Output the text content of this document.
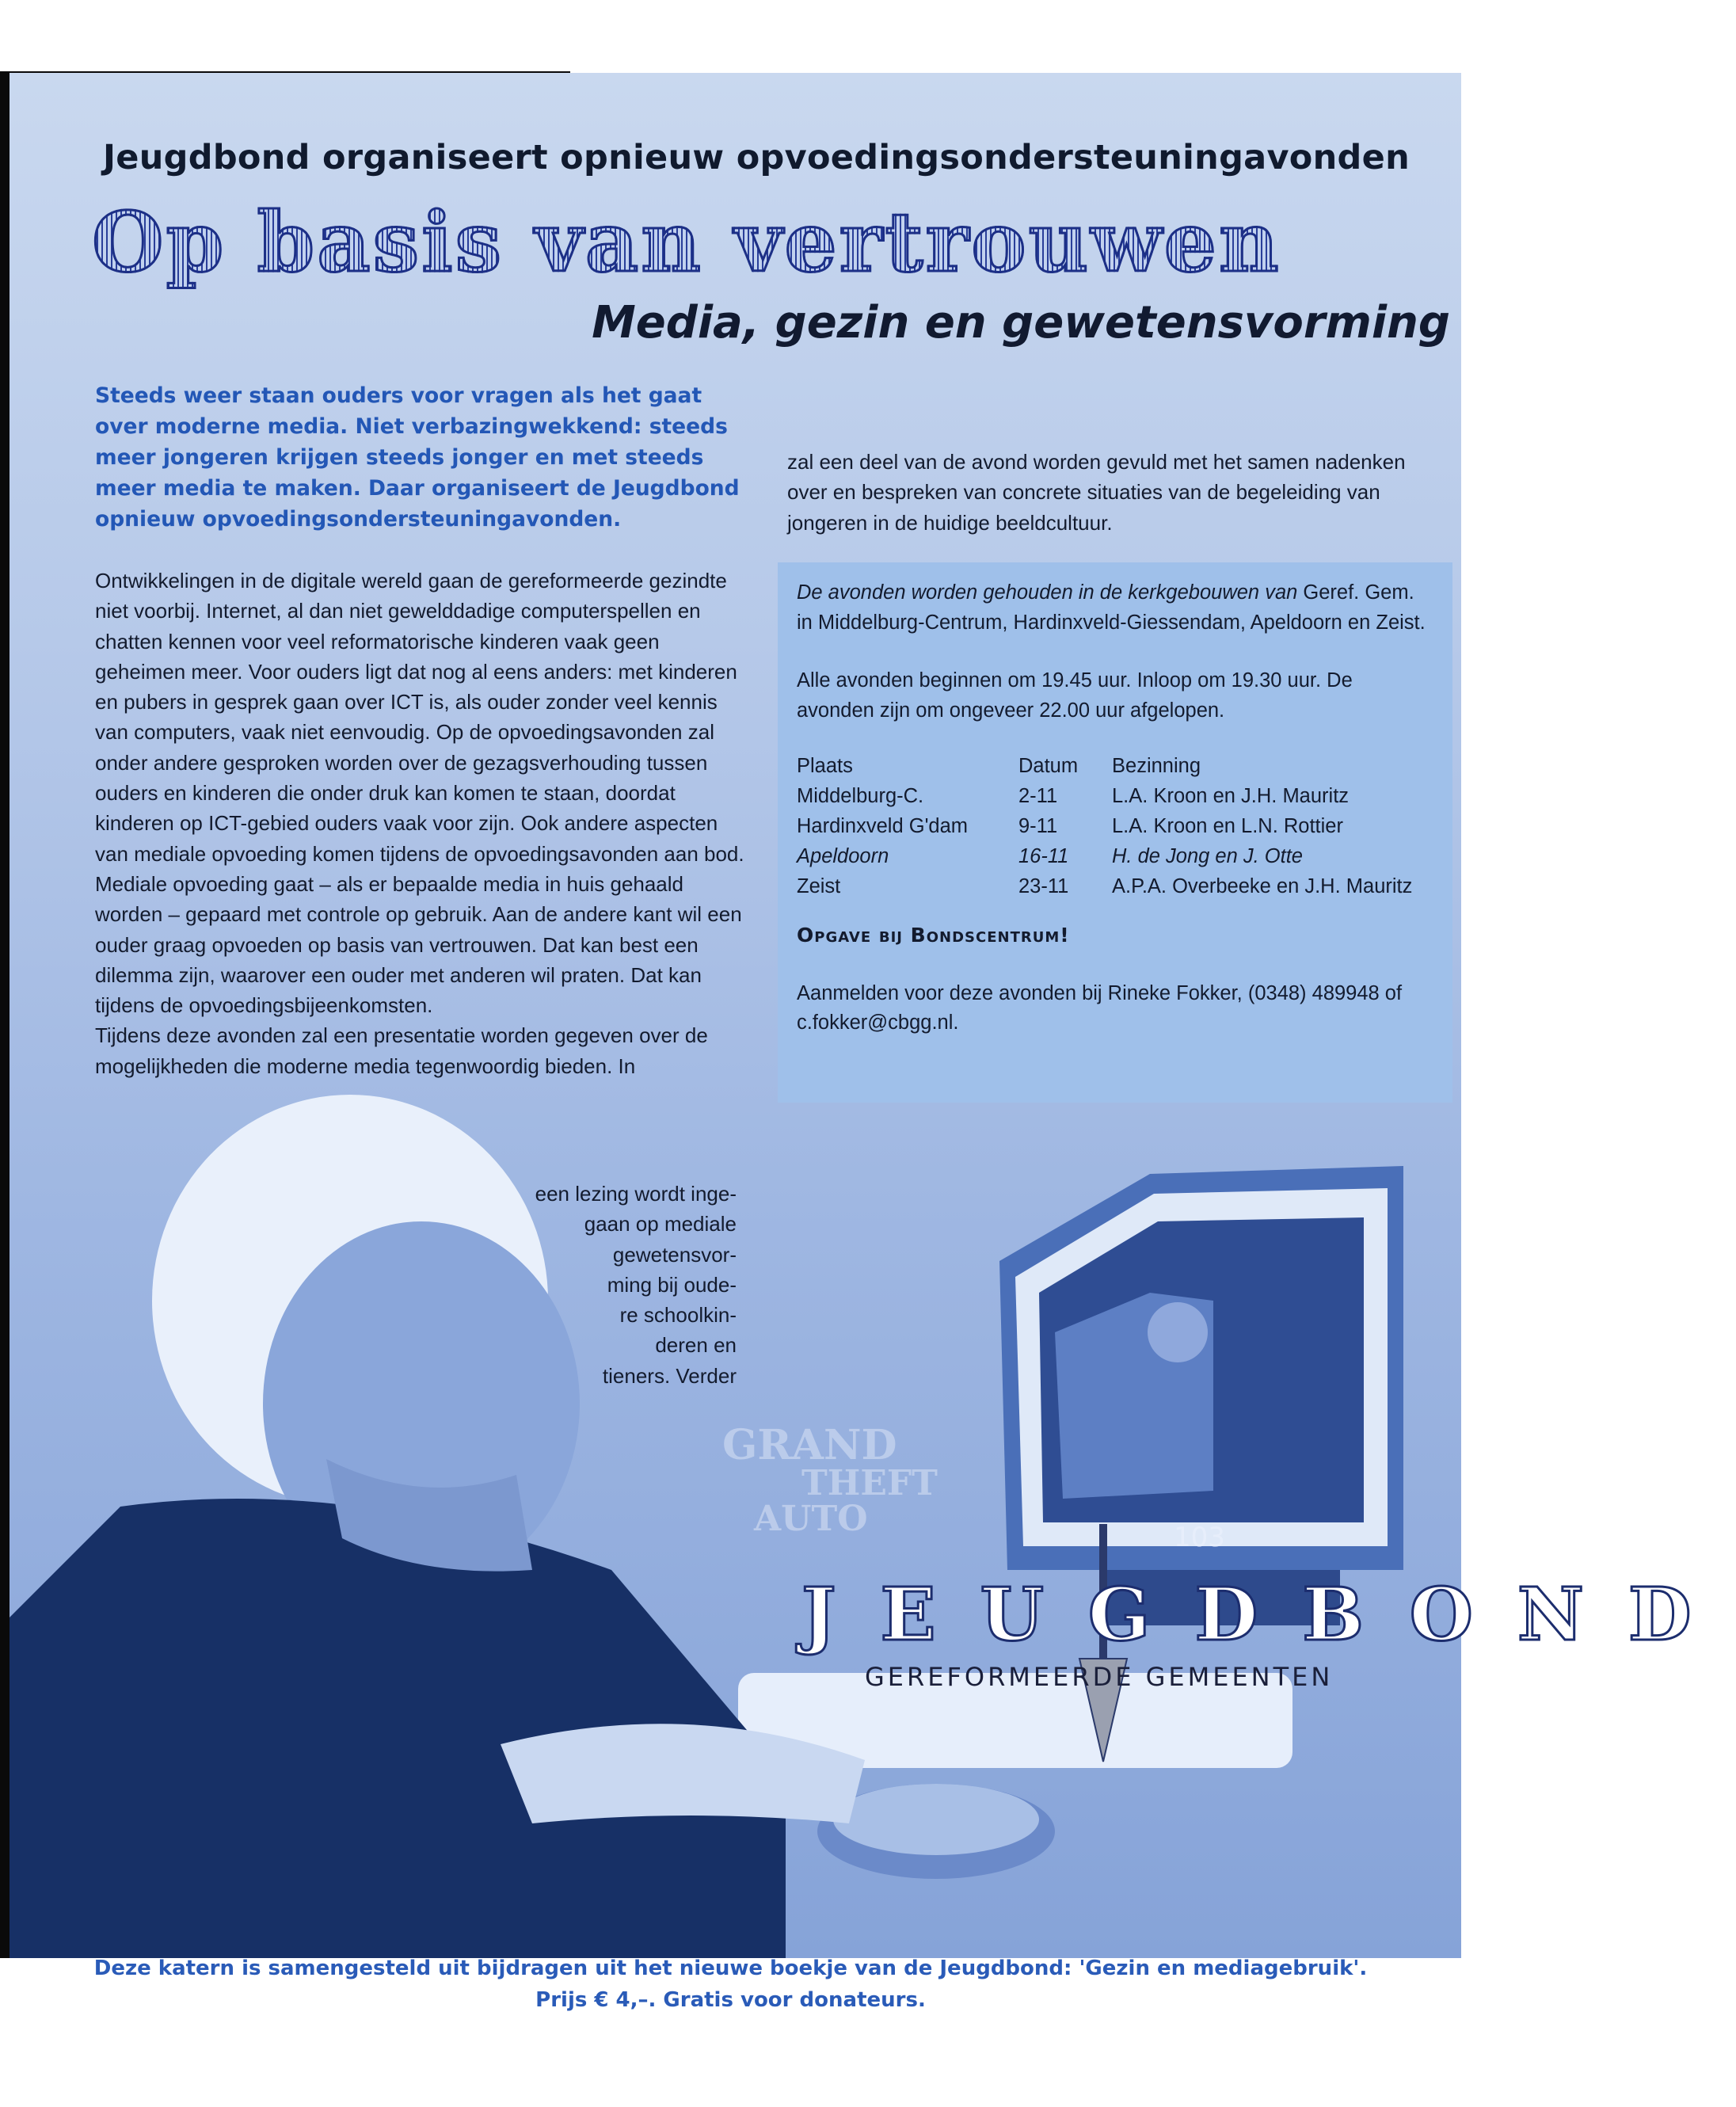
GRAND
THEFT
AUTO	103
Jeugdbond organiseert opnieuw opvoedingsondersteuningavonden
Op basis van vertrouwen
Media, gezin en gewetensvorming

Steeds weer staan ouders voor vragen als het gaat over moderne media. Niet verbazingwekkend: steeds meer jongeren krijgen steeds jonger en met steeds meer media te maken. Daar organiseert de Jeugdbond opnieuw opvoedingsondersteuningavonden.

Ontwikkelingen in de digitale wereld gaan de gereformeerde gezindte niet voorbij. Internet, al dan niet gewelddadige computerspellen en chatten kennen voor veel reformatorische kinderen vaak geen geheimen meer. Voor ouders ligt dat nog al eens anders: met kinderen en pubers in gesprek gaan over ICT is, als ouder zonder veel kennis van computers, vaak niet eenvoudig. Op de opvoedingsavonden zal onder andere gesproken worden over de gezagsverhouding tussen ouders en kinderen die onder druk kan komen te staan, doordat kinderen op ICT-gebied ouders vaak voor zijn. Ook andere aspecten van mediale opvoeding komen tijdens de opvoedingsavonden aan bod.

Mediale opvoeding gaat – als er bepaalde media in huis gehaald worden – gepaard met controle op gebruik. Aan de andere kant wil een ouder graag opvoeden op basis van vertrouwen. Dat kan best een dilemma zijn, waarover een ouder met anderen wil praten. Dat kan tijdens de opvoedingsbijeenkomsten.

Tijdens deze avonden zal een presentatie worden gegeven over de mogelijkheden die moderne media tegenwoordig bieden. In

een lezing wordt inge-
gaan op mediale
gewetensvor-
ming bij oude-
re schoolkin-
deren en
tieners. Verder

zal een deel van de avond worden gevuld met het samen nadenken over en bespreken van concrete situaties van de begeleiding van jongeren in de huidige beeldcultuur.

De avonden worden gehouden in de kerkgebouwen van Geref. Gem. in Middelburg-Centrum, Hardinxveld-Giessendam, Apeldoorn en Zeist.

Alle avonden beginnen om 19.45 uur. Inloop om 19.30 uur. De avonden zijn om ongeveer 22.00 uur afgelopen.

Plaats	Datum	Bezinning
Middelburg-C.	2-11	L.A. Kroon en J.H. Mauritz
Hardinxveld G'dam	9-11	L.A. Kroon en L.N. Rottier
Apeldoorn	16-11	H. de Jong en J. Otte
Zeist	23-11	A.P.A. Overbeeke en J.H. Mauritz

Opgave bij Bondscentrum!

Aanmelden voor deze avonden bij Rineke Fokker, (0348) 489948 of c.fokker@cbgg.nl.

JEUGDBOND

GEREFORMEERDE GEMEENTEN

Deze katern is samengesteld uit bijdragen uit het nieuwe boekje van de Jeugdbond: 'Gezin en mediagebruik'.
Prijs € 4,–. Gratis voor donateurs.
